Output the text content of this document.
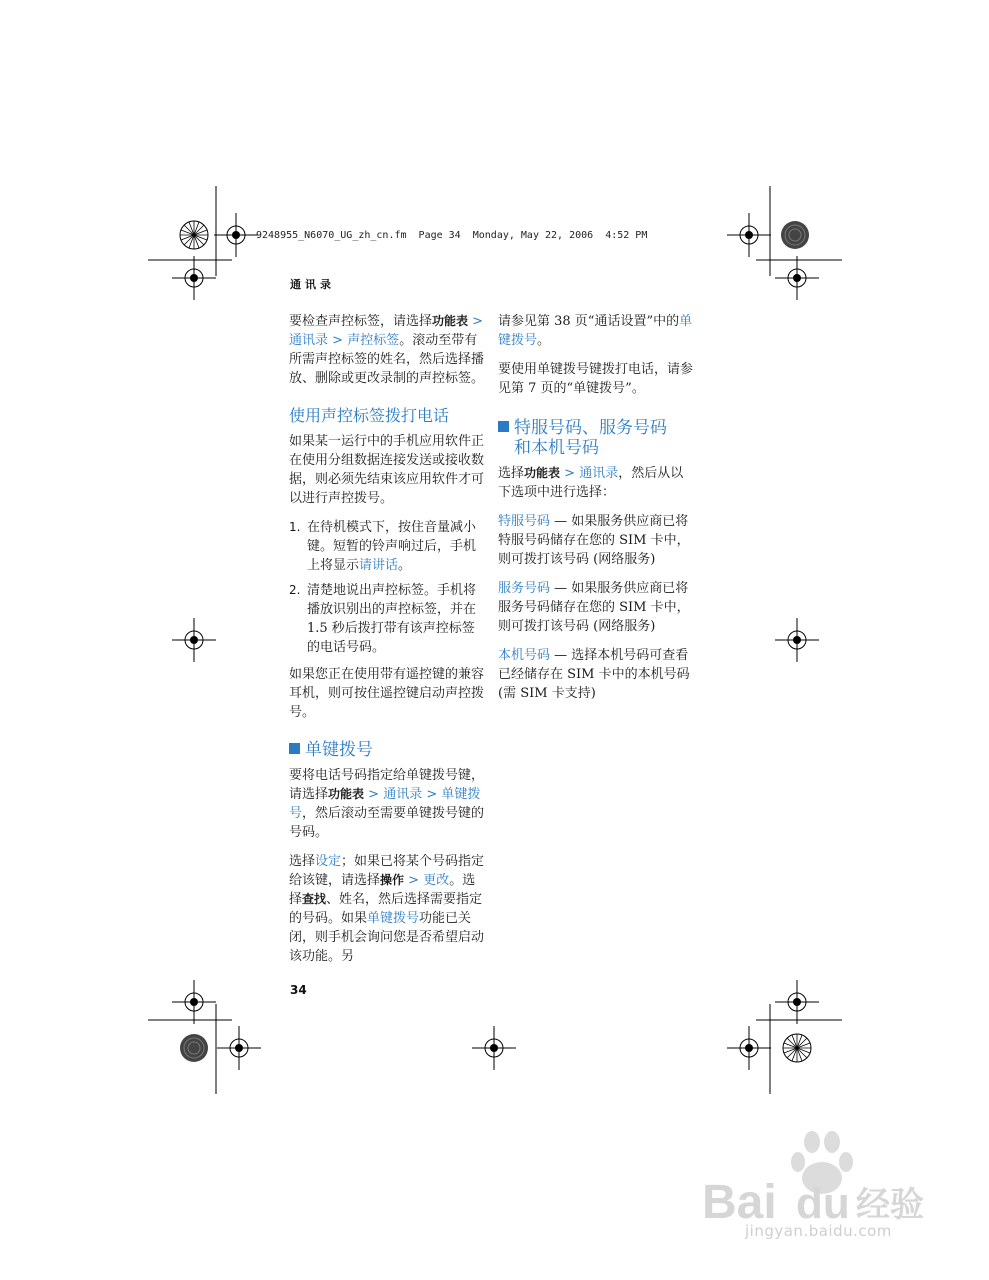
9248955_N6070_UG_zh_cn.fm  Page 34  Monday, May 22, 2006  4:52 PM
通讯录

要检查声控标签，请选择功能表 > 通讯录 > 声控标签。滚动至带有所需声控标签的姓名，然后选择播放、删除或更改录制的声控标签。

使用声控标签拨打电话

如果某一运行中的手机应用软件正在使用分组数据连接发送或接收数据，则必须先结束该应用软件才可以进行声控拨号。

1. 在待机模式下，按住音量减小键。短暂的铃声响过后，手机上将显示请讲话。
2. 清楚地说出声控标签。手机将播放识别出的声控标签，并在 1.5 秒后拨打带有该声控标签的电话号码。

如果您正在使用带有遥控键的兼容耳机，则可按住遥控键启动声控拨号。

单键拨号

要将电话号码指定给单键拨号键，请选择功能表 > 通讯录 > 单键拨号，然后滚动至需要单键拨号键的号码。

选择设定；如果已将某个号码指定给该键，请选择操作 > 更改。选择查找、姓名，然后选择需要指定的号码。如果单键拨号功能已关闭，则手机会询问您是否希望启动该功能。另

请参见第 38 页“通话设置”中的单键拨号。

要使用单键拨号键拨打电话，请参见第 7 页的“单键拨号”。

特服号码、服务号码
和本机号码

选择功能表 > 通讯录，然后从以下选项中进行选择：

特服号码 — 如果服务供应商已将特服号码储存在您的 SIM 卡中，则可拨打该号码 (网络服务)

服务号码 — 如果服务供应商已将服务号码储存在您的 SIM 卡中，则可拨打该号码 (网络服务)

本机号码 — 选择本机号码可查看已经储存在 SIM 卡中的本机号码 (需 SIM 卡支持)

34
Bai du 经验
jingyan.baidu.com
